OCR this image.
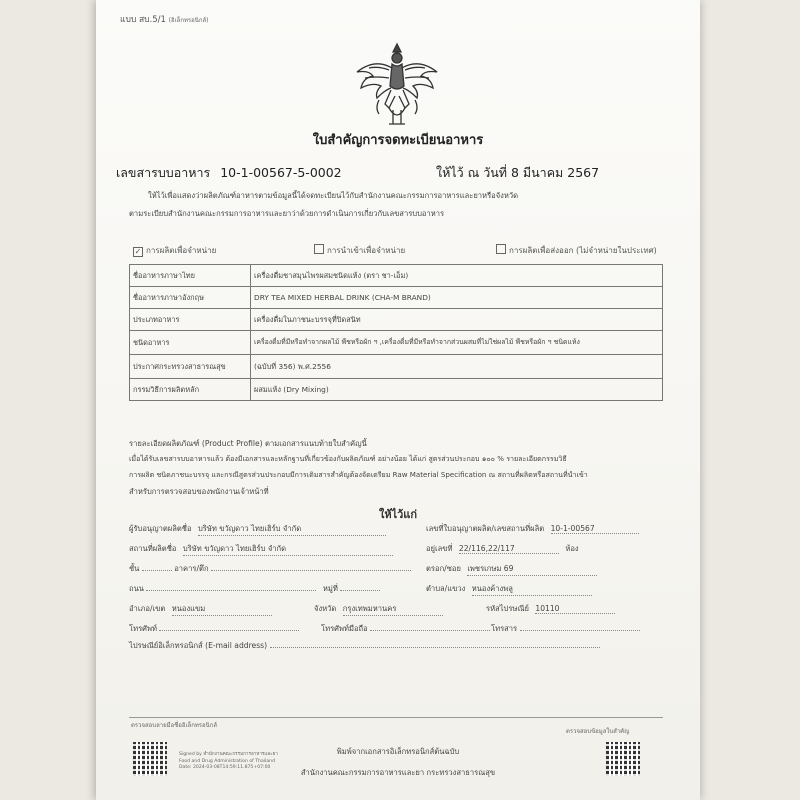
แบบ สบ.5/1 (อิเล็กทรอนิกส์)
ใบสำคัญการจดทะเบียนอาหาร
เลขสารบบอาหาร 10-1-00567-5-0002	ให้ไว้ ณ วันที่ 8 มีนาคม 2567
ให้ไว้เพื่อแสดงว่าผลิตภัณฑ์อาหารตามข้อมูลนี้ได้จดทะเบียนไว้กับสำนักงานคณะกรรมการอาหารและยาหรือจังหวัด
ตามระเบียบสำนักงานคณะกรรมการอาหารและยาว่าด้วยการดำเนินการเกี่ยวกับเลขสารบบอาหาร
✓ การผลิตเพื่อจำหน่าย	การนำเข้าเพื่อจำหน่าย	การผลิตเพื่อส่งออก (ไม่จำหน่ายในประเทศ)
ชื่ออาหารภาษาไทย	เครื่องดื่มชาสมุนไพรผสมชนิดแห้ง (ตรา ชา-เอ็ม)
ชื่ออาหารภาษาอังกฤษ	DRY TEA MIXED HERBAL DRINK (CHA-M BRAND)
ประเภทอาหาร	เครื่องดื่มในภาชนะบรรจุที่ปิดสนิท
ชนิดอาหาร	เครื่องดื่มที่มีหรือทำจากผลไม้ พืชหรือผัก ฯ ,เครื่องดื่มที่มีหรือทำจากส่วนผสมที่ไม่ใช่ผลไม้ พืชหรือผัก ฯ ชนิดแห้ง
ประกาศกระทรวงสาธารณสุข	(ฉบับที่ 356) พ.ศ.2556
กรรมวิธีการผลิตหลัก	ผสมแห้ง (Dry Mixing)
รายละเอียดผลิตภัณฑ์ (Product Profile) ตามเอกสารแนบท้ายใบสำคัญนี้
เมื่อได้รับเลขสารบบอาหารแล้ว ต้องมีเอกสารและหลักฐานที่เกี่ยวข้องกับผลิตภัณฑ์ อย่างน้อย ได้แก่ สูตรส่วนประกอบ ๑๐๐ % รายละเอียดกรรมวิธี
การผลิต ชนิดภาชนะบรรจุ และกรณีสูตรส่วนประกอบมีการเติมสารสำคัญต้องจัดเตรียม Raw Material Specification ณ สถานที่ผลิตหรือสถานที่นำเข้า
สำหรับการตรวจสอบของพนักงานเจ้าหน้าที่
ให้ไว้แก่
ผู้รับอนุญาตผลิตชื่อ บริษัท ขวัญดาว ไทยเฮิร์บ จำกัด	เลขที่ใบอนุญาตผลิต/เลขสถานที่ผลิต 10-1-00567
สถานที่ผลิตชื่อ บริษัท ขวัญดาว ไทยเฮิร์บ จำกัด	อยู่เลขที่ 22/116,22/117	ห้อง
ชั้น	อาคาร/ตึก	ตรอก/ซอย เพชรเกษม 69
ถนน	หมู่ที่	ตำบล/แขวง หนองค้างพลู
อำเภอ/เขต หนองแขม	จังหวัด กรุงเทพมหานคร	รหัสไปรษณีย์ 10110
โทรศัพท์	โทรศัพท์มือถือ	โทรสาร
ไปรษณีย์อิเล็กทรอนิกส์ (E-mail address)
ตรวจสอบลายมือชื่ออิเล็กทรอนิกส์
ตรวจสอบข้อมูลใบสำคัญ
Signed by สำนักงานคณะกรรมการอาหารและยา
Food and Drug Administration of Thailand
Date: 2024-03-08T14:59:11.875+07:00
พิมพ์จากเอกสารอิเล็กทรอนิกส์ต้นฉบับ
สำนักงานคณะกรรมการอาหารและยา กระทรวงสาธารณสุข
